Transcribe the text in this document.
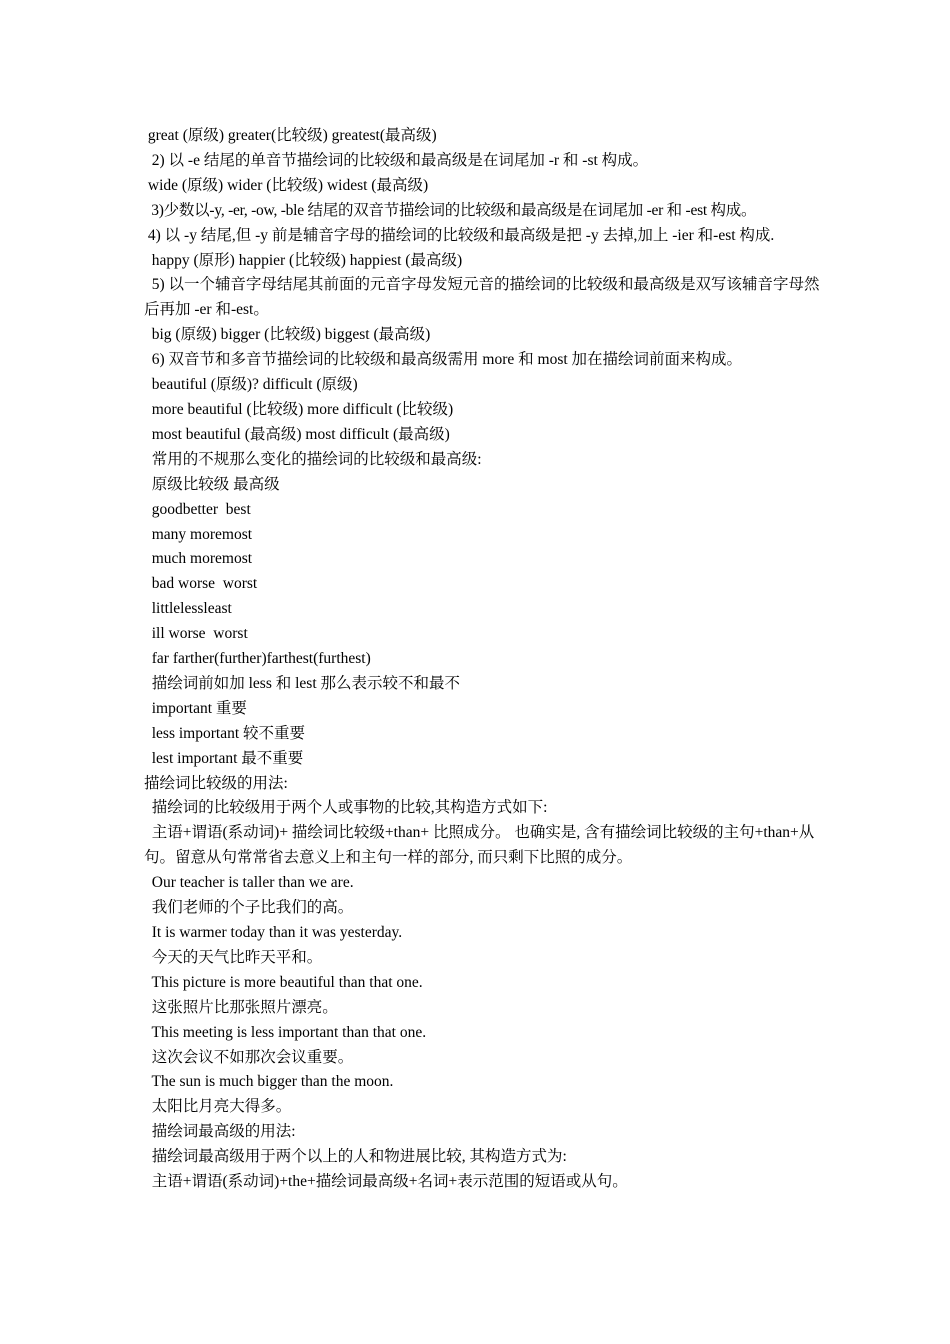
great (原级) greater(比较级) greatest(最高级)
2) 以 -e 结尾的单音节描绘词的比较级和最高级是在词尾加 -r 和 -st 构成。
wide (原级) wider (比较级) widest (最高级)
3)少数以-y, -er, -ow, -ble 结尾的双音节描绘词的比较级和最高级是在词尾加 -er 和 -est 构成。
4) 以 -y 结尾,但 -y 前是辅音字母的描绘词的比较级和最高级是把 -y 去掉,加上 -ier 和-est 构成.
happy (原形) happier (比较级) happiest (最高级)
5) 以一个辅音字母结尾其前面的元音字母发短元音的描绘词的比较级和最高级是双写该辅音字母然后再加 -er 和-est。
big (原级) bigger (比较级) biggest (最高级)
6) 双音节和多音节描绘词的比较级和最高级需用 more 和 most 加在描绘词前面来构成。
beautiful (原级)? difficult (原级)
more beautiful (比较级) more difficult (比较级)
most beautiful (最高级) most difficult (最高级)
常用的不规那么变化的描绘词的比较级和最高级:
原级比较级 最高级
goodbetter  best
many moremost
much moremost
bad worse  worst
littlelessleast
ill worse  worst
far farther(further)farthest(furthest)
描绘词前如加 less 和 lest 那么表示较不和最不
important 重要
less important 较不重要
lest important 最不重要
描绘词比较级的用法:
描绘词的比较级用于两个人或事物的比较,其构造方式如下:
主语+谓语(系动词)+ 描绘词比较级+than+ 比照成分。 也确实是, 含有描绘词比较级的主句+than+从句。留意从句常常省去意义上和主句一样的部分, 而只剩下比照的成分。
Our teacher is taller than we are.
我们老师的个子比我们的高。
It is warmer today than it was yesterday.
今天的天气比昨天平和。
This picture is more beautiful than that one.
这张照片比那张照片漂亮。
This meeting is less important than that one.
这次会议不如那次会议重要。
The sun is much bigger than the moon.
太阳比月亮大得多。
描绘词最高级的用法:
描绘词最高级用于两个以上的人和物进展比较, 其构造方式为:
主语+谓语(系动词)+the+描绘词最高级+名词+表示范围的短语或从句。
